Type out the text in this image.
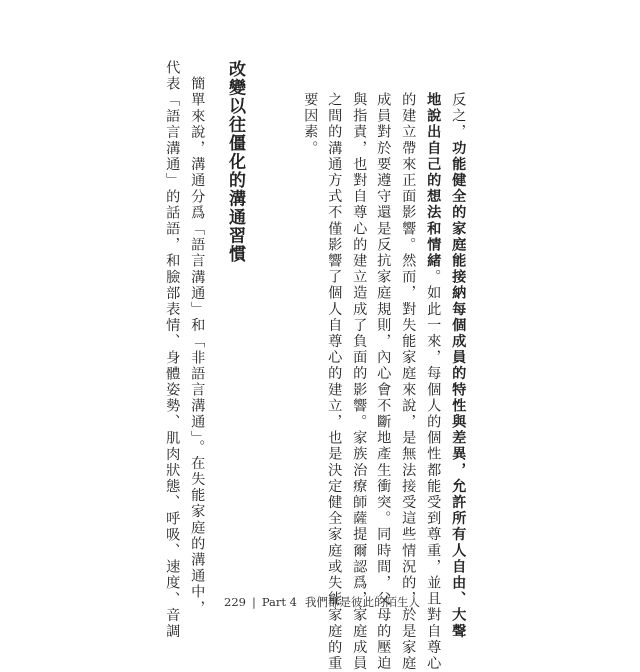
反之，功能健全的家庭能接納每個成員的特性與差異，允許所有人自由、大聲
地說出自己的想法和情緒。如此一來，每個人的個性都能受到尊重，並且對自尊心
的建立帶來正面影響。然而，對失能家庭來說，是無法接受這些情況的，於是家庭
成員對於要遵守還是反抗家庭規則，內心會不斷地產生衝突。同時間，父母的壓迫
與指責，也對自尊心的建立造成了負面的影響。家族治療師薩提爾認爲，家庭成員
之間的溝通方式不僅影響了個人自尊心的建立，也是決定健全家庭或失能家庭的重
要因素。
改變以往僵化的溝通習慣
　簡單來說，溝通分爲「語言溝通」和「非語言溝通」。在失能家庭的溝通中，
代表「語言溝通」的話語，和臉部表情、身體姿勢、肌肉狀態、呼吸、速度、音調	229 | Part 4 我們都是彼此的陌生人
